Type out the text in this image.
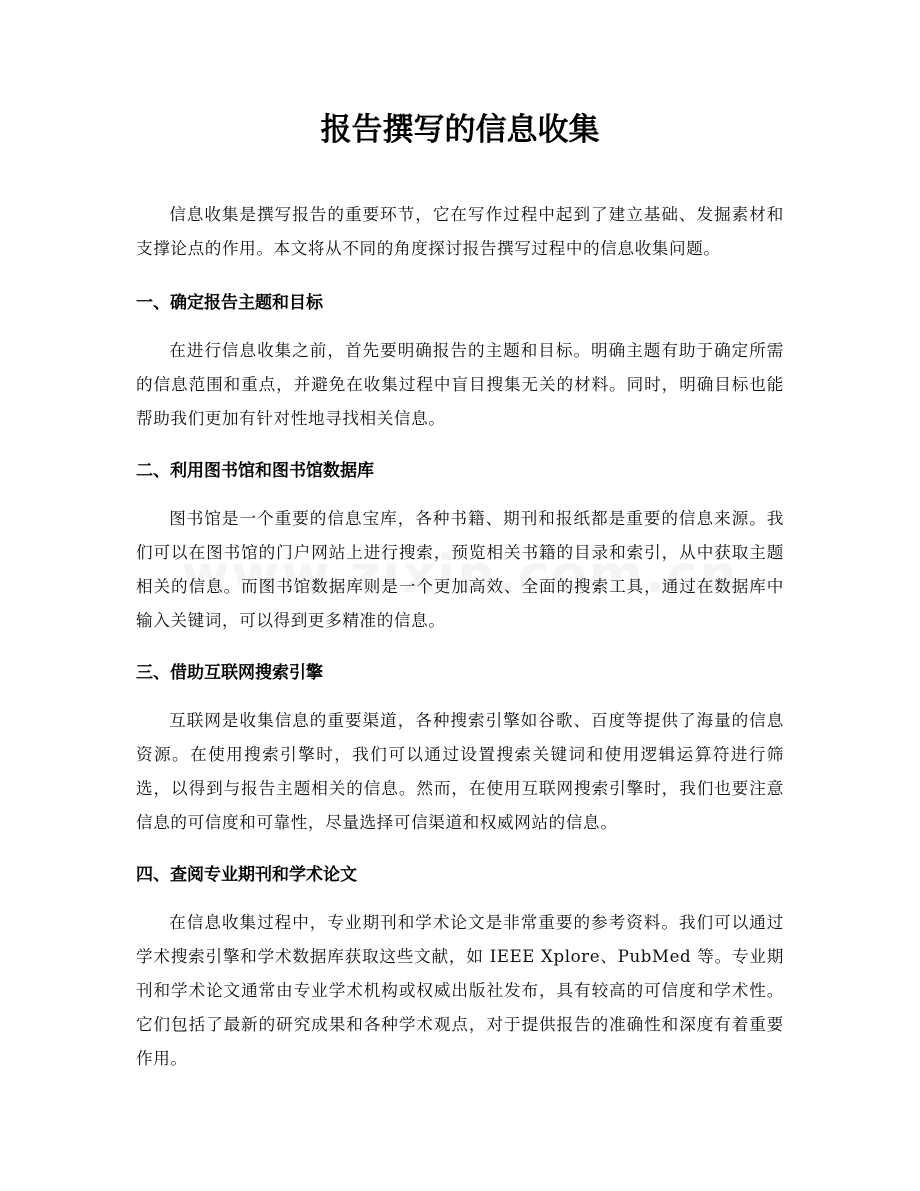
报告撰写的信息收集

信息收集是撰写报告的重要环节，它在写作过程中起到了建立基础、发掘素材和支撑论点的作用。本文将从不同的角度探讨报告撰写过程中的信息收集问题。

一、确定报告主题和目标

在进行信息收集之前，首先要明确报告的主题和目标。明确主题有助于确定所需的信息范围和重点，并避免在收集过程中盲目搜集无关的材料。同时，明确目标也能帮助我们更加有针对性地寻找相关信息。

二、利用图书馆和图书馆数据库

图书馆是一个重要的信息宝库，各种书籍、期刊和报纸都是重要的信息来源。我们可以在图书馆的门户网站上进行搜索，预览相关书籍的目录和索引，从中获取主题相关的信息。而图书馆数据库则是一个更加高效、全面的搜索工具，通过在数据库中输入关键词，可以得到更多精准的信息。

三、借助互联网搜索引擎

互联网是收集信息的重要渠道，各种搜索引擎如谷歌、百度等提供了海量的信息资源。在使用搜索引擎时，我们可以通过设置搜索关键词和使用逻辑运算符进行筛选，以得到与报告主题相关的信息。然而，在使用互联网搜索引擎时，我们也要注意信息的可信度和可靠性，尽量选择可信渠道和权威网站的信息。

四、查阅专业期刊和学术论文

在信息收集过程中，专业期刊和学术论文是非常重要的参考资料。我们可以通过学术搜索引擎和学术数据库获取这些文献，如 IEEE Xplore、PubMed 等。专业期刊和学术论文通常由专业学术机构或权威出版社发布，具有较高的可信度和学术性。它们包括了最新的研究成果和各种学术观点，对于提供报告的准确性和深度有着重要作用。
